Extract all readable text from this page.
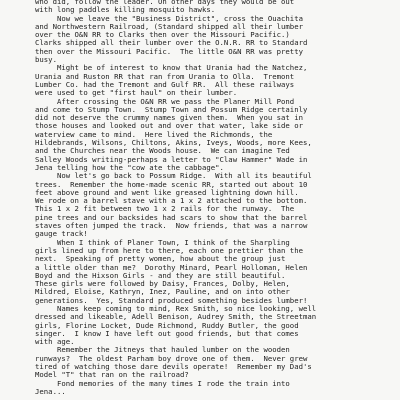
who did, follow the leader. On other days they would be out
with long paddles killing mosquito hawks.
Now we leave the "Business District", cross the Ouachita
and Northwestern Railroad, (Standard shipped all their lumber
over the O&N RR to Clarks then over the Missouri Pacific.)
Clarks shipped all their lumber over the O.N.R. RR to Standard
then over the Missouri Pacific.  The little O&N RR was pretty
busy.
Might be of interest to know that Urania had the Natchez,
Urania and Ruston RR that ran from Urania to Olla.  Tremont
Lumber Co. had the Tremont and Gulf RR.  All these railways
were used to get "first haul" on their lumber.
After crossing the O&N RR we pass the Planer Mill Pond
and come to Stump Town.  Stump Town and Possum Ridge certainly
did not deserve the crummy names given them.  When you sat in
those houses and looked out and over that water, lake side or
waterview came to mind.  Here lived the Richmonds, the
Hildebrands, Wilsons, Chiltons, Akins, Iveys, Woods, more Kees,
and the Churches near the Woods house.  We can imagine Ted
Salley Woods writing-perhaps a letter to "Claw Hammer" Wade in
Jena telling how the "cow ate the cabbage".
Now let's go back to Possum Ridge.  With all its beautiful
trees.  Remember the home-made scenic RR, started out about 10
feet above ground and went like greased lightning down hill.
We rode on a barrel stave with a 1 x 2 attached to the bottom.
This 1 x 2 fit between two 1 x 2 rails for the runway.  The
pine trees and our backsides had scars to show that the barrel
staves often jumped the track.  Now friends, that was a narrow
gauge track!
When I think of Planer Town, I think of the Sharpling
girls lined up from here to there, each one prettier than the
next.  Speaking of pretty women, how about the group just
a little older than me?  Dorothy Minard, Pearl Holloman, Helen
Boyd and the Hixson Girls - and they are still beautiful.
These girls were followed by Daisy, Frances, Dolby, Helen,
Mildred, Eloise, Kathryn, Inez, Pauline, and on into other
generations.  Yes, Standard produced something besides lumber!
Names keep coming to mind, Rex Smith, so nice looking, well
dressed and likeable, Adell Benison, Audrey Smith, the Streetman
girls, Florine Locket, Dude Richmond, Ruddy Butler, the good
singer.  I know I have left out good friends, but that comes
with age.
Remember the Jitneys that hauled lumber on the wooden
runways?  The oldest Parham boy drove one of them.  Never grew
tired of watching those dare devils operate!  Remember my Dad's
Model "T" that ran on the railroad?
Fond memories of the many times I rode the train into
Jena...
